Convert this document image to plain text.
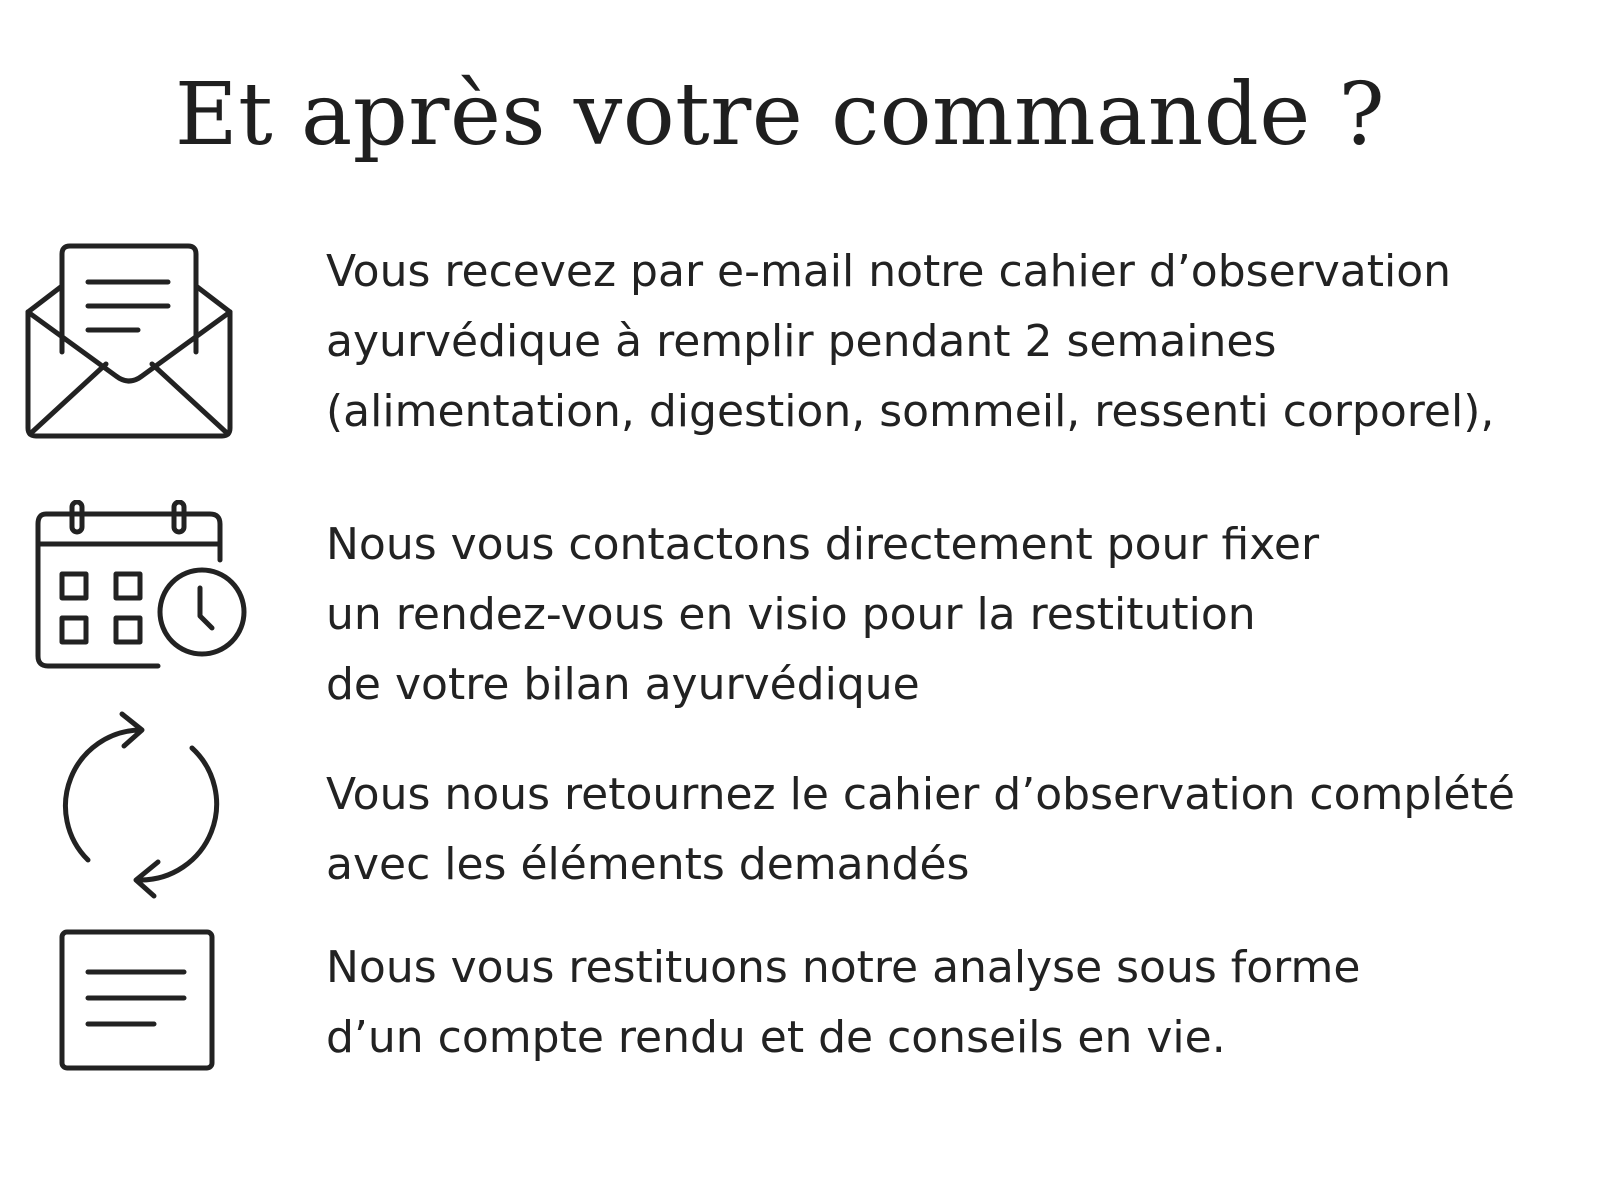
Et après votre commande ?

Vous recevez par e-mail notre cahier d’observation
ayurvédique à remplir pendant 2 semaines
(alimentation, digestion, sommeil, ressenti corporel),

Nous vous contactons directement pour fixer
un rendez-vous en visio pour la restitution
de votre bilan ayurvédique

Vous nous retournez le cahier d’observation complété
avec les éléments demandés

Nous vous restituons notre analyse sous forme
d’un compte rendu et de conseils en vie.
